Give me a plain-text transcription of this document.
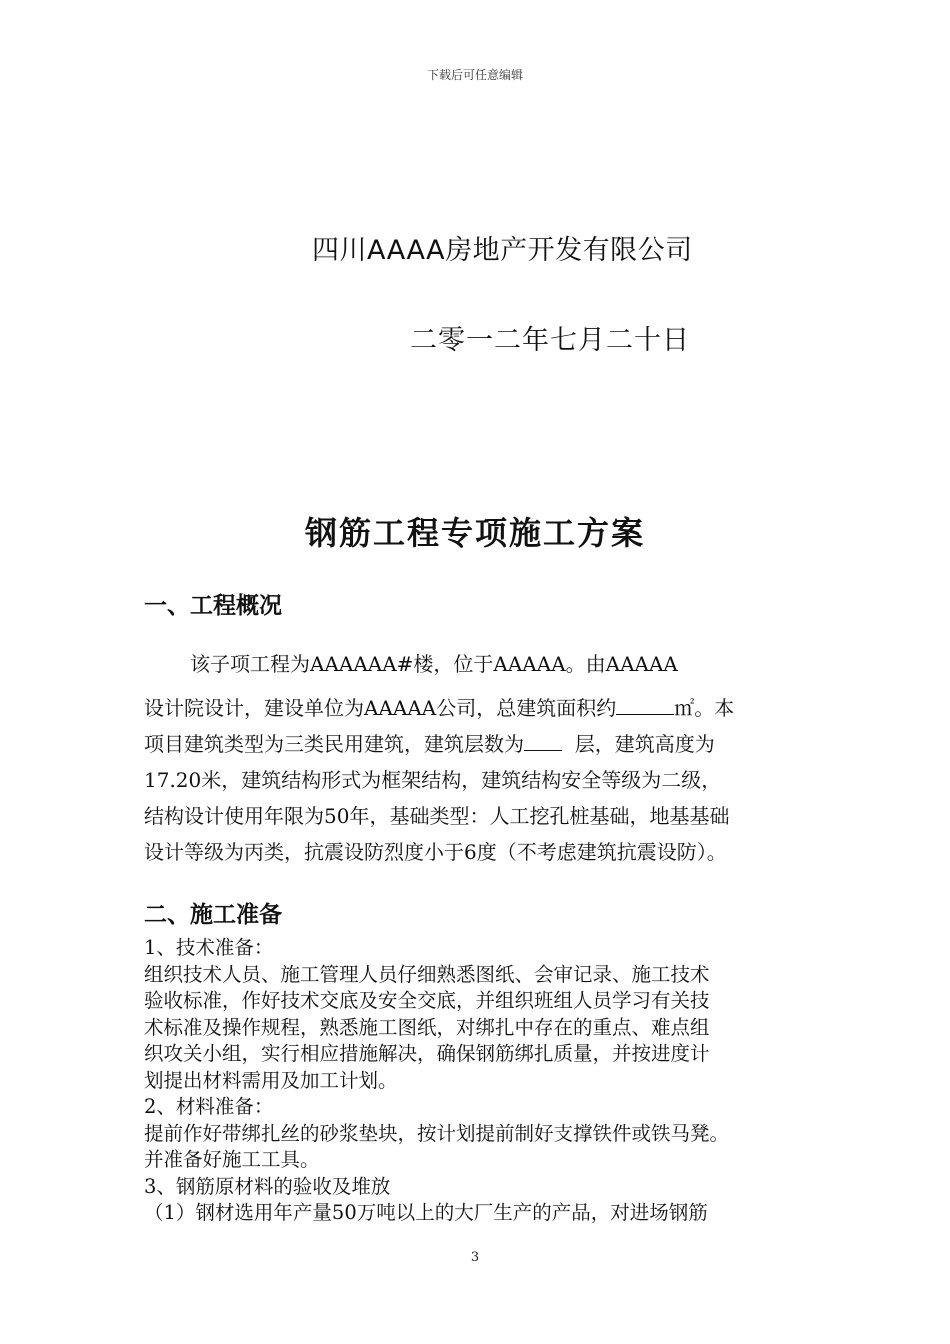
下载后可任意编辑
四川AAAA房地产开发有限公司
二零一二年七月二十日
钢筋工程专项施工方案
一、工程概况
该子项工程为AAAAAA#楼，位于AAAAA。由AAAAA
设计院设计，建设单位为AAAAA公司，总建筑面积约	㎡。本
项目建筑类型为三类民用建筑，建筑层数为	层，建筑高度为
17.20米，建筑结构形式为框架结构，建筑结构安全等级为二级，
结构设计使用年限为50年，基础类型：人工挖孔桩基础，地基基础
设计等级为丙类，抗震设防烈度小于6度（不考虑建筑抗震设防）。
二、施工准备
1、技术准备：
组织技术人员、施工管理人员仔细熟悉图纸、会审记录、施工技术
验收标准，作好技术交底及安全交底，并组织班组人员学习有关技
术标准及操作规程，熟悉施工图纸，对绑扎中存在的重点、难点组
织攻关小组，实行相应措施解决，确保钢筋绑扎质量，并按进度计
划提出材料需用及加工计划。
2、材料准备：
提前作好带绑扎丝的砂浆垫块，按计划提前制好支撑铁件或铁马凳。
并准备好施工工具。
3、钢筋原材料的验收及堆放
（1）钢材选用年产量50万吨以上的大厂生产的产品，对进场钢筋
3
